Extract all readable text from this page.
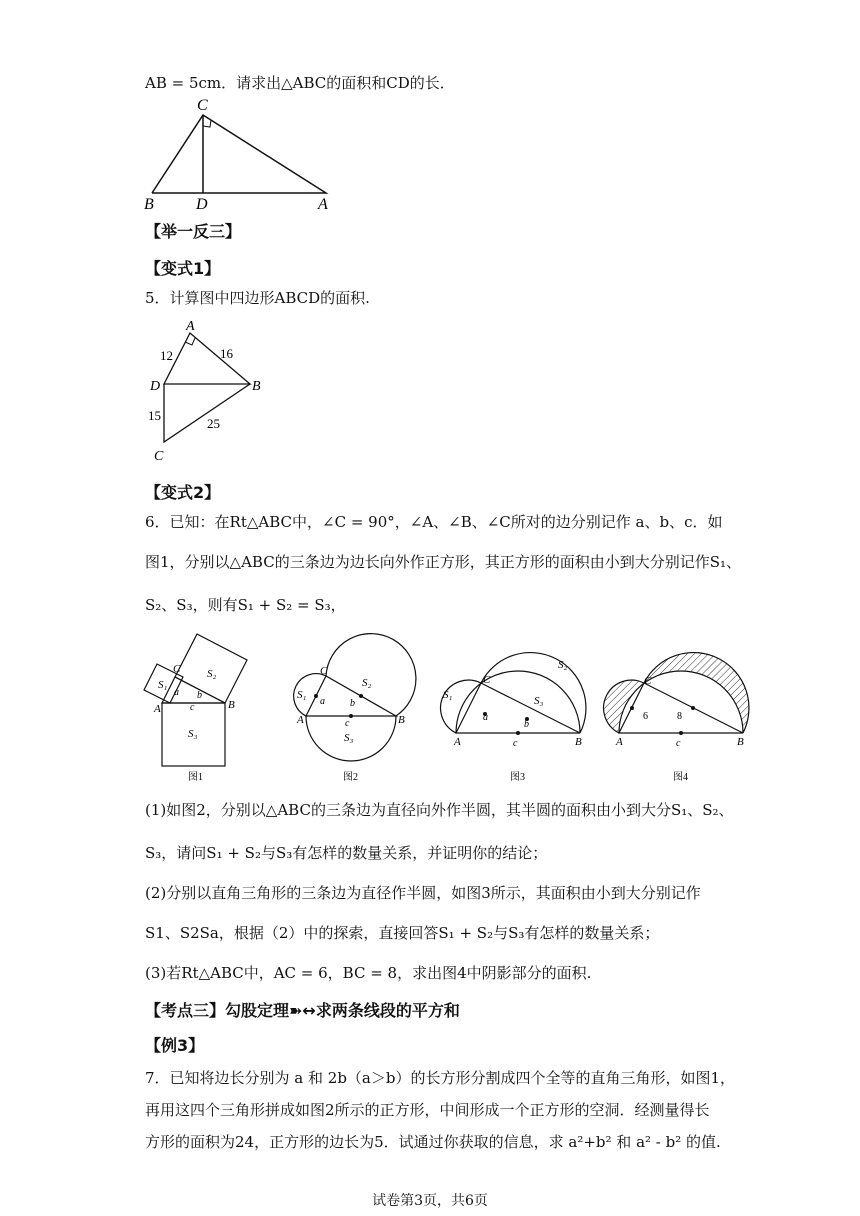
AB = 5cm．请求出△ABC的面积和CD的长．
C
B	D	A
【举一反三】
【变式1】
5．计算图中四边形ABCD的面积.
A
D	B
C
12	16
15
25
【变式2】
6．已知：在Rt△ABC中，∠C = 90°，∠A、∠B、∠C所对的边分别记作 a、b、c．如
图1，分别以△ABC的三条边为边长向外作正方形，其正方形的面积由小到大分别记作S₁、
S₂、S₃，则有S₁ + S₂ = S₃，
S₁
S₂
S₃
C
A	B
a b
c
图1
C
A	B
S₁
S₂
S₃
a	b
c
图2
S₁
S₂
S₃
C
A	B
a
b
c
图3
C
A	B
6	8
c
图4
(1)如图2，分别以△ABC的三条边为直径向外作半圆，其半圆的面积由小到大分S₁、S₂、
S₃，请问S₁ + S₂与S₃有怎样的数量关系，并证明你的结论；
(2)分别以直角三角形的三条边为直径作半圆，如图3所示，其面积由小到大分别记作
S1、S2Sa，根据（2）中的探索，直接回答S₁ + S₂与S₃有怎样的数量关系；
(3)若Rt△ABC中，AC = 6，BC = 8，求出图4中阴影部分的面积.
【考点三】勾股定理➽↔求两条线段的平方和
【例3】
7．已知将边长分别为 a 和 2b（a＞b）的长方形分割成四个全等的直角三角形，如图1，
再用这四个三角形拼成如图2所示的正方形，中间形成一个正方形的空洞．经测量得长
方形的面积为24，正方形的边长为5．试通过你获取的信息，求 a²+b² 和 a² - b² 的值.
试卷第3页，共6页
